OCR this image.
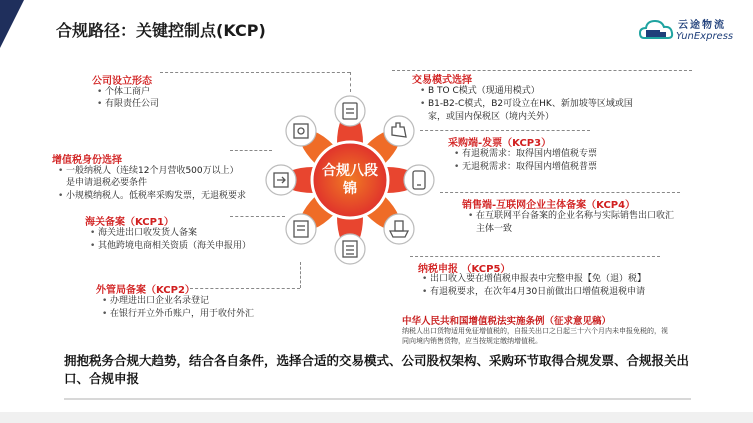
合规路径：关键控制点(KCP)	云途物流
YunExpress
合规八段
锦
公司设立形态
• 个体工商户
• 有限责任公司
增值税身份选择
• 一般纳税人（连续12个月营收500万以上）
是申请退税必要条件
• 小规模纳税人。低税率采购发票，无退税要求
海关备案（KCP1）
• 海关进出口收发货人备案
• 其他跨境电商相关资质（海关申报用）
外管局备案（KCP2）
• 办理进出口企业名录登记
• 在银行开立外币账户，用于收付外汇
交易模式选择
• B TO C模式（现通用模式）
• B1-B2-C模式，B2可设立在HK、新加坡等区域或国
家，或国内保税区（境内关外）
采购端-发票（KCP3）
• 有退税需求：取得国内增值税专票
• 无退税需求：取得国内增值税普票
销售端-互联网企业主体备案（KCP4）
• 在互联网平台备案的企业名称与实际销售出口收汇
主体一致
纳税申报 （KCP5）
• 出口收入要在增值税申报表中完整申报【免（退）税】
• 有退税要求，在次年4月30日前做出口增值税退税申请
中华人民共和国增值税法实施条例（征求意见稿）
纳税人出口货物适用免征增值税的，自报关出口之日起三十六个月内未申报免税的，视
同向境内销售货物，应当按规定缴纳增值税。
拥抱税务合规大趋势，结合各自条件，选择合适的交易模式、公司股权架构、采购环节取得合规发票、合规报关出口、合规申报
